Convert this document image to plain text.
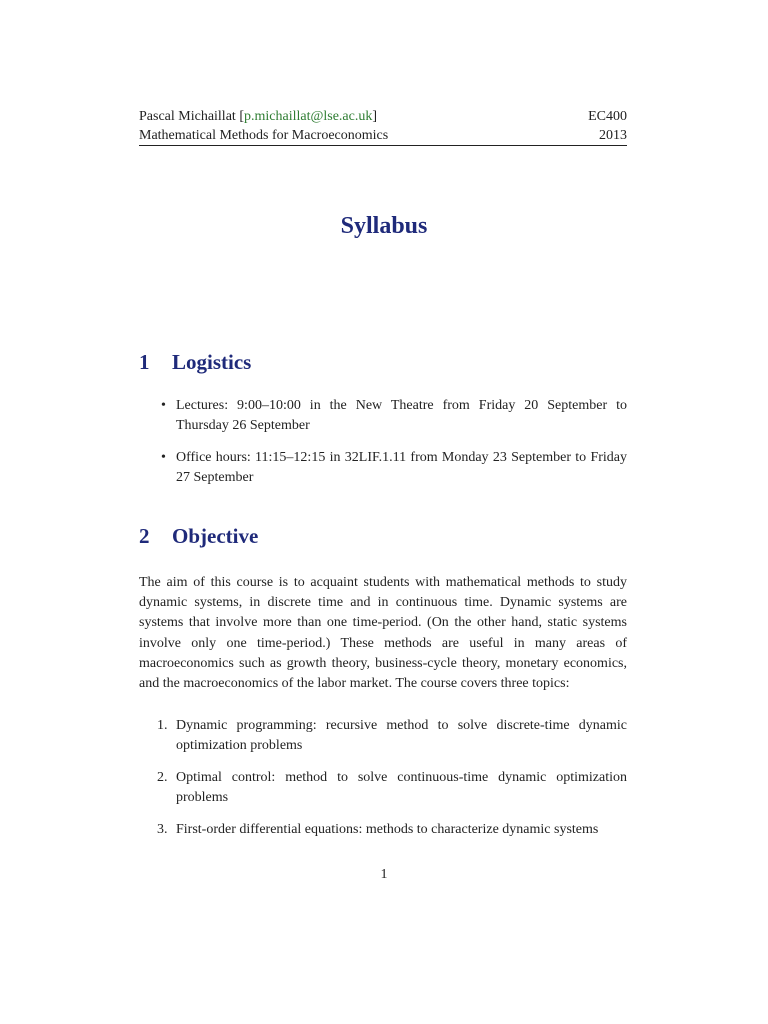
Pascal Michaillat [p.michaillat@lse.ac.uk]	EC400
Mathematical Methods for Macroeconomics	2013
Syllabus
1 Logistics
• Lectures: 9:00–10:00 in the New Theatre from Friday 20 September to Thursday 26 September
• Office hours: 11:15–12:15 in 32LIF.1.11 from Monday 23 September to Friday 27 September
2 Objective

The aim of this course is to acquaint students with mathematical methods to study dynamic systems, in discrete time and in continuous time. Dynamic systems are systems that involve more than one time-period. (On the other hand, static systems involve only one time-period.) These methods are useful in many areas of macroeconomics such as growth theory, business-cycle theory, monetary economics, and the macroeconomics of the labor market. The course covers three topics:

1. Dynamic programming: recursive method to solve discrete-time dynamic optimization problems
2. Optimal control: method to solve continuous-time dynamic optimization problems
3. First-order differential equations: methods to characterize dynamic systems
1
